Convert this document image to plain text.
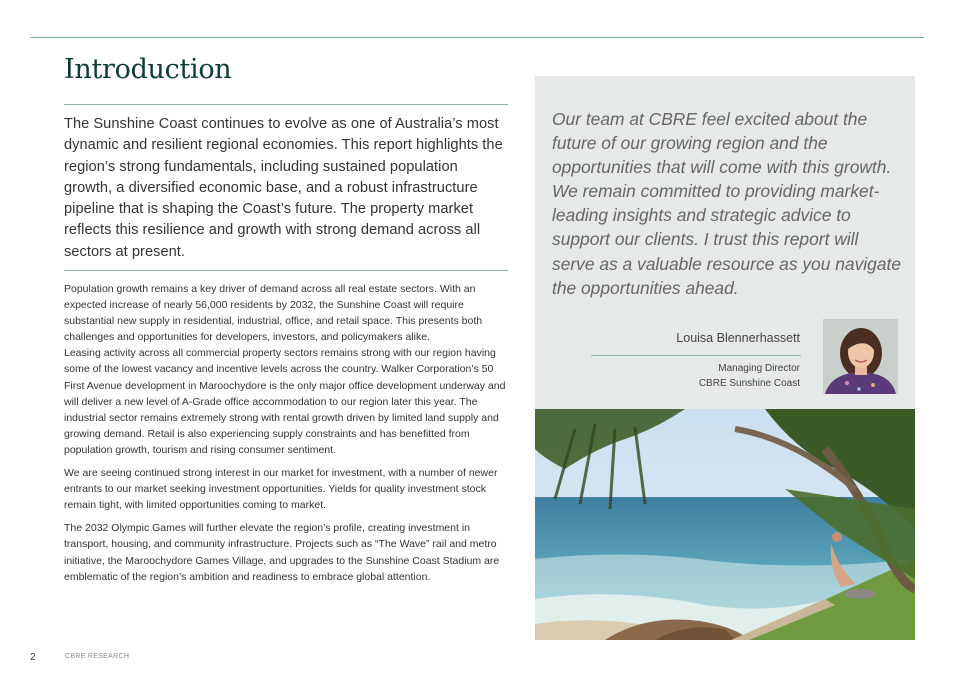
Introduction

The Sunshine Coast continues to evolve as one of Australia’s most dynamic and resilient regional economies. This report highlights the region’s strong fundamentals, including sustained population growth, a diversified economic base, and a robust infrastructure pipeline that is shaping the Coast’s future. The property market reflects this resilience and growth with strong demand across all sectors at present.

Population growth remains a key driver of demand across all real estate sectors. With an expected increase of nearly 56,000 residents by 2032, the Sunshine Coast will require substantial new supply in residential, industrial, office, and retail space. This presents both challenges and opportunities for developers, investors, and policymakers alike.

Leasing activity across all commercial property sectors remains strong with our region having some of the lowest vacancy and incentive levels across the country. Walker Corporation’s 50 First Avenue development in Maroochydore is the only major office development underway and will deliver a new level of A-Grade office accommodation to our region later this year. The industrial sector remains extremely strong with rental growth driven by limited land supply and growing demand. Retail is also experiencing supply constraints and has benefitted from population growth, tourism and rising consumer sentiment.

We are seeing continued strong interest in our market for investment, with a number of newer entrants to our market seeking investment opportunities. Yields for quality investment stock remain tight, with limited opportunities coming to market.

The 2032 Olympic Games will further elevate the region’s profile, creating investment in transport, housing, and community infrastructure. Projects such as “The Wave” rail and metro initiative, the Maroochydore Games Village, and upgrades to the Sunshine Coast Stadium are emblematic of the region’s ambition and readiness to embrace global attention.

Our team at CBRE feel excited about the future of our growing region and the opportunities that will come with this growth. We remain committed to providing market-leading insights and strategic advice to support our clients. I trust this report will serve as a valuable resource as you navigate the opportunities ahead.

Louisa Blennerhassett
Managing Director
CBRE Sunshine Coast
2	CBRE RESEARCH
